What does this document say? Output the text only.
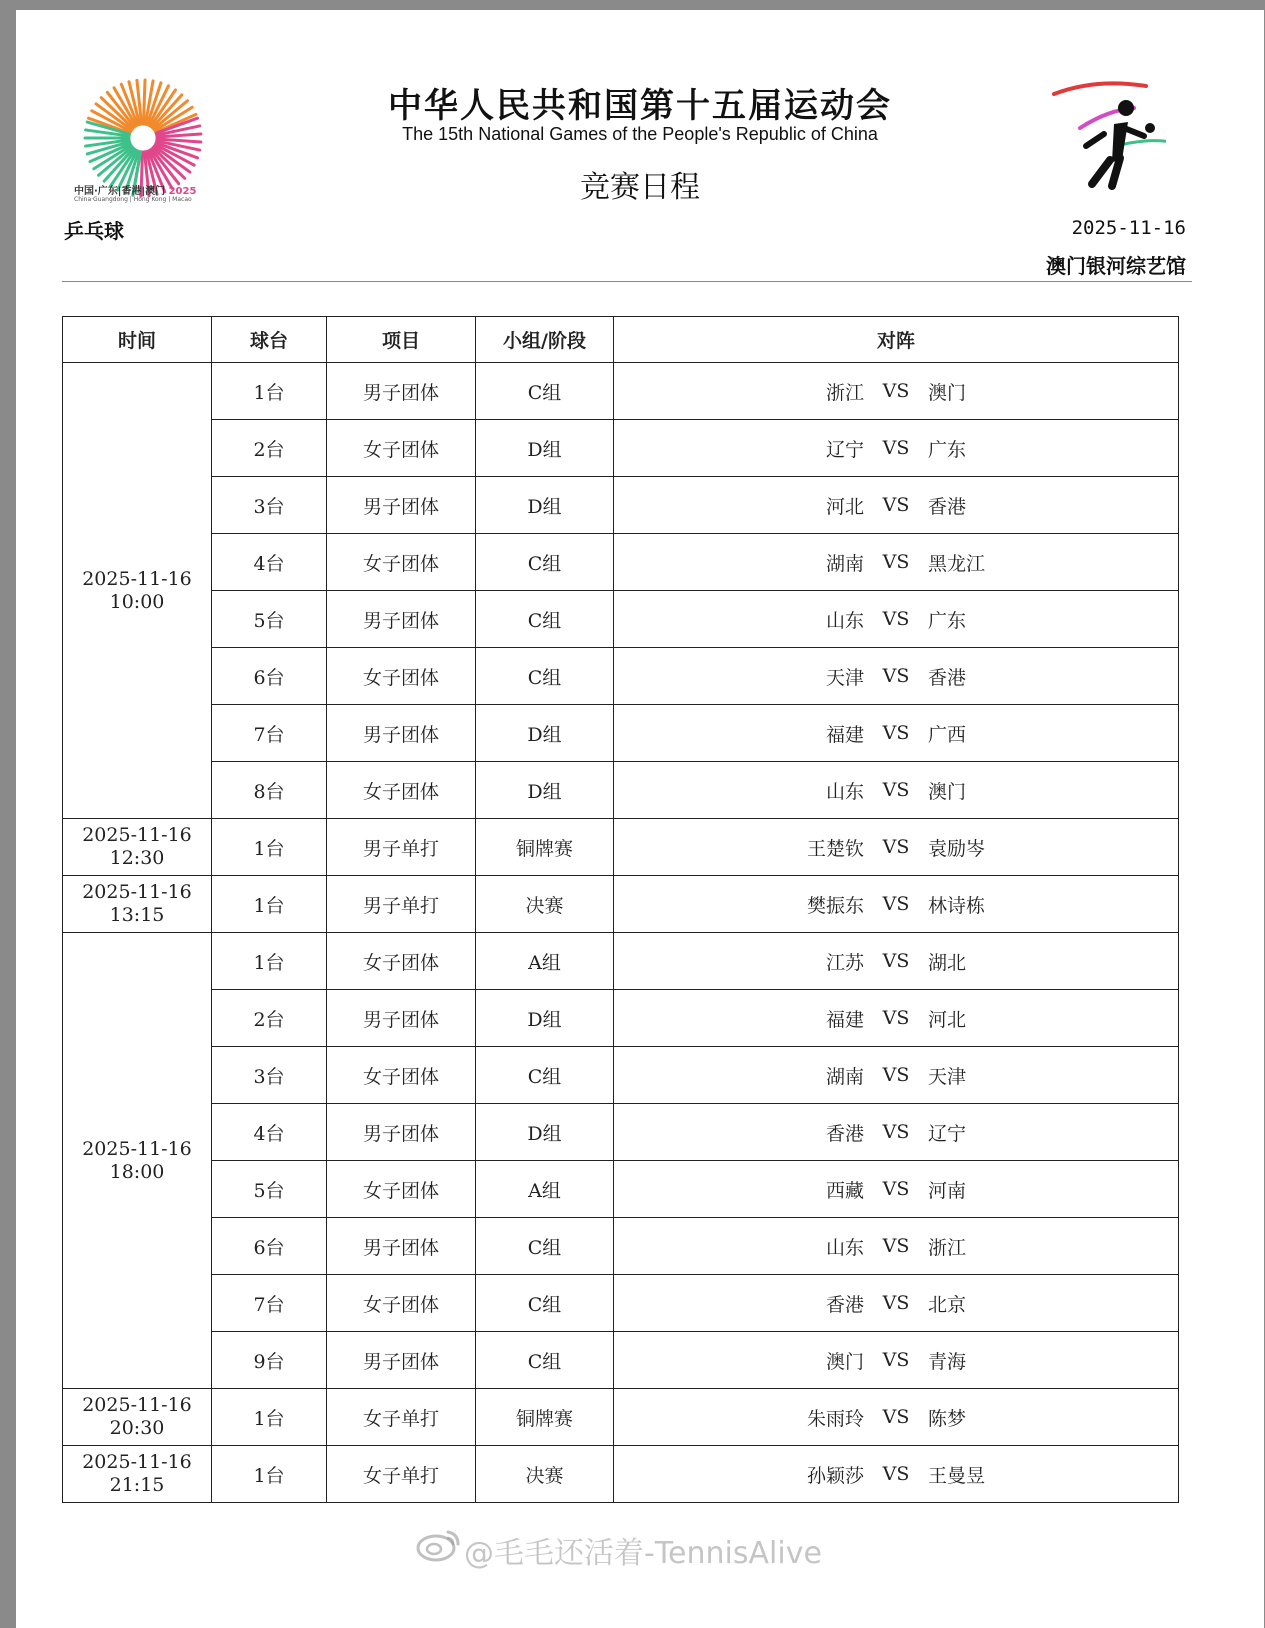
中国·广东|香港|澳门 2025
China·Guangdong | Hong Kong | Macao
乒乓球
中华人民共和国第十五届运动会
The 15th National Games of the People's Republic of China
竞赛日程
2025-11-16
澳门银河综艺馆
时间	球台	项目	小组/阶段	对阵

2025-11-16
10:00	1台	男子团体	C组	浙江 VS 澳门

	2台	女子团体	D组	辽宁 VS 广东

	3台	男子团体	D组	河北 VS 香港

	4台	女子团体	C组	湖南 VS 黑龙江

	5台	男子团体	C组	山东 VS 广东

	6台	女子团体	C组	天津 VS 香港

	7台	男子团体	D组	福建 VS 广西

	8台	女子团体	D组	山东 VS 澳门

2025-11-16
12:30	1台	男子单打	铜牌赛	王楚钦 VS 袁励岑

2025-11-16
13:15	1台	男子单打	决赛	樊振东 VS 林诗栋

2025-11-16
18:00	1台	女子团体	A组	江苏 VS 湖北

	2台	男子团体	D组	福建 VS 河北

	3台	女子团体	C组	湖南 VS 天津

	4台	男子团体	D组	香港 VS 辽宁

	5台	女子团体	A组	西藏 VS 河南

	6台	男子团体	C组	山东 VS 浙江

	7台	女子团体	C组	香港 VS 北京

	9台	男子团体	C组	澳门 VS 青海

2025-11-16
20:30	1台	女子单打	铜牌赛	朱雨玲 VS 陈梦

2025-11-16
21:15	1台	女子单打	决赛	孙颖莎 VS 王曼昱
@毛毛还活着-TennisAlive
